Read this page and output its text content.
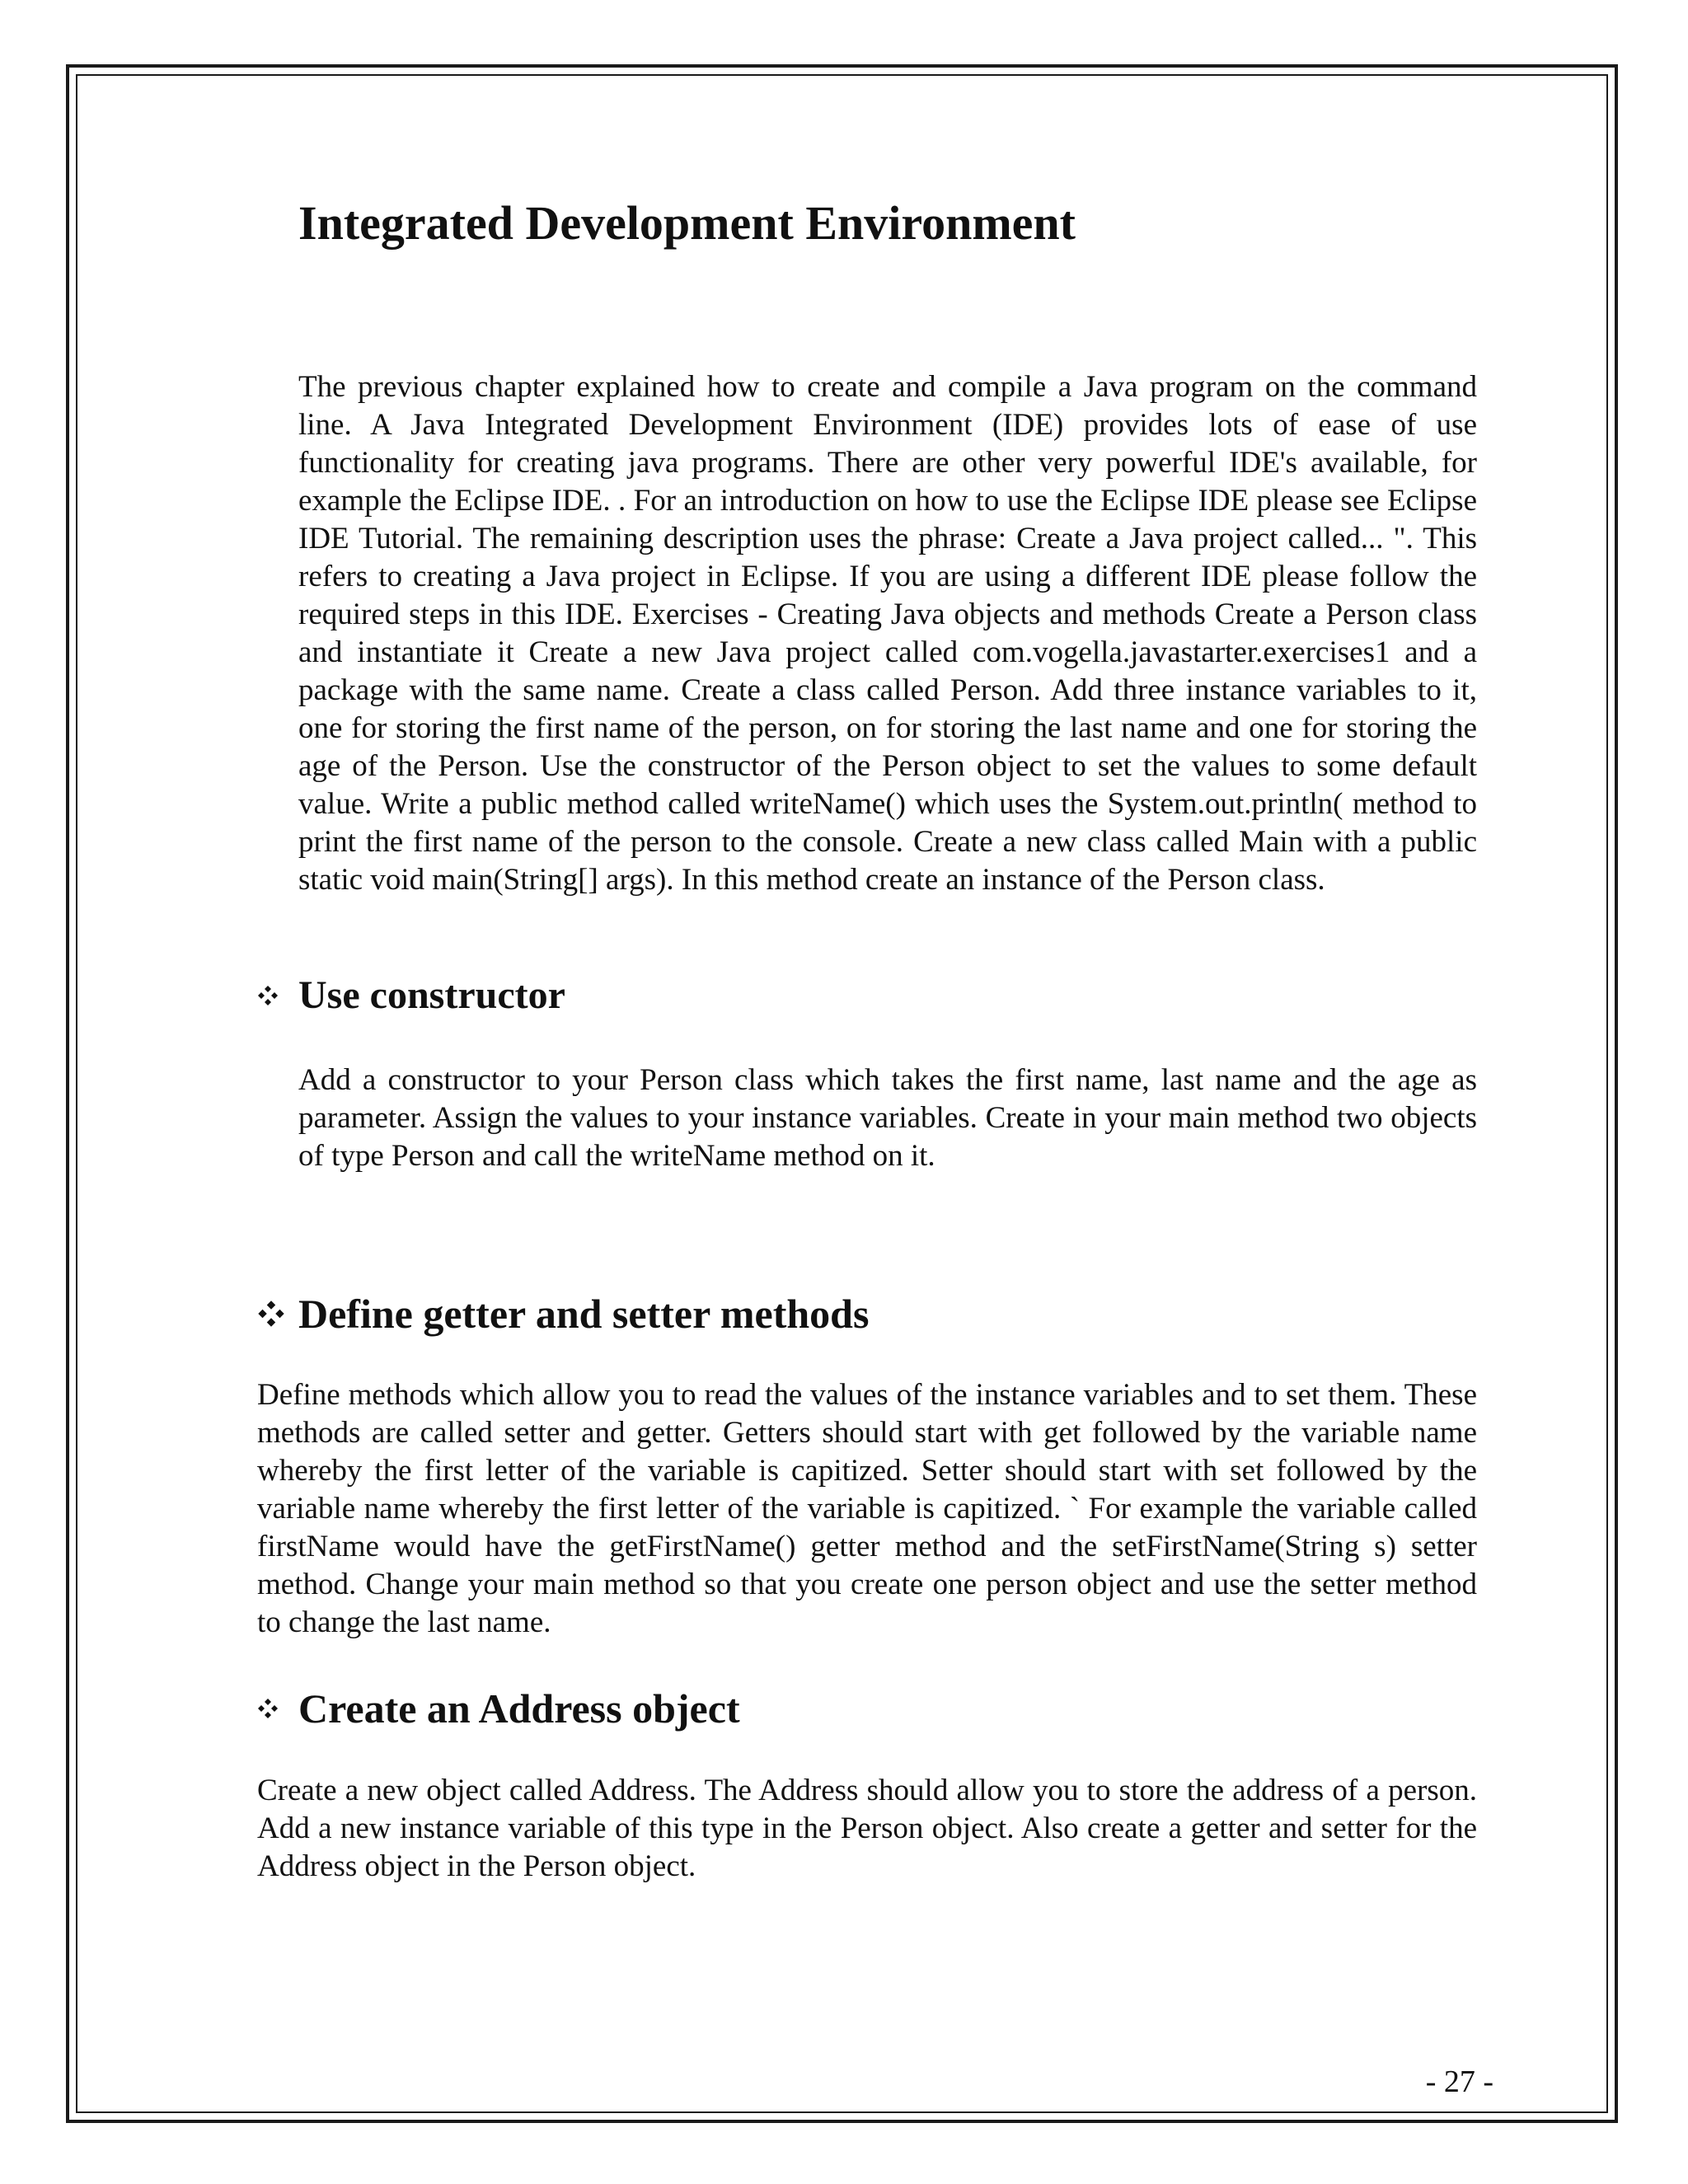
Integrated Development Environment

The previous chapter explained how to create and compile a Java program on the command line. A Java Integrated Development Environment (IDE) provides lots of ease of use functionality for creating java programs. There are other very powerful IDE's available, for example the Eclipse IDE. . For an introduction on how to use the Eclipse IDE please see Eclipse IDE Tutorial. The remaining description uses the phrase: Create a Java project called... ". This refers to creating a Java project in Eclipse. If you are using a different IDE please follow the required steps in this IDE. Exercises - Creating Java objects and methods Create a Person class and instantiate it Create a new Java project called com.vogella.javastarter.exercises1 and a package with the same name. Create a class called Person. Add three instance variables to it, one for storing the first name of the person, on for storing the last name and one for storing the age of the Person. Use the constructor of the Person object to set the values to some default value. Write a public method called writeName() which uses the System.out.println( method to print the first name of the person to the console. Create a new class called Main with a public static void main(String[] args). In this method create an instance of the Person class.

Use constructor

Add a constructor to your Person class which takes the first name, last name and the age as parameter. Assign the values to your instance variables. Create in your main method two objects of type Person and call the writeName method on it.

Define getter and setter methods

Define methods which allow you to read the values of the instance variables and to set them. These methods are called setter and getter. Getters should start with get followed by the variable name whereby the first letter of the variable is capitized. Setter should start with set followed by the variable name whereby the first letter of the variable is capitized. ` For example the variable called firstName would have the getFirstName() getter method and the setFirstName(String s) setter method. Change your main method so that you create one person object and use the setter method to change the last name.

Create an Address object

Create a new object called Address. The Address should allow you to store the address of a person. Add a new instance variable of this type in the Person object. Also create a getter and setter for the Address object in the Person object.

- 27 -
